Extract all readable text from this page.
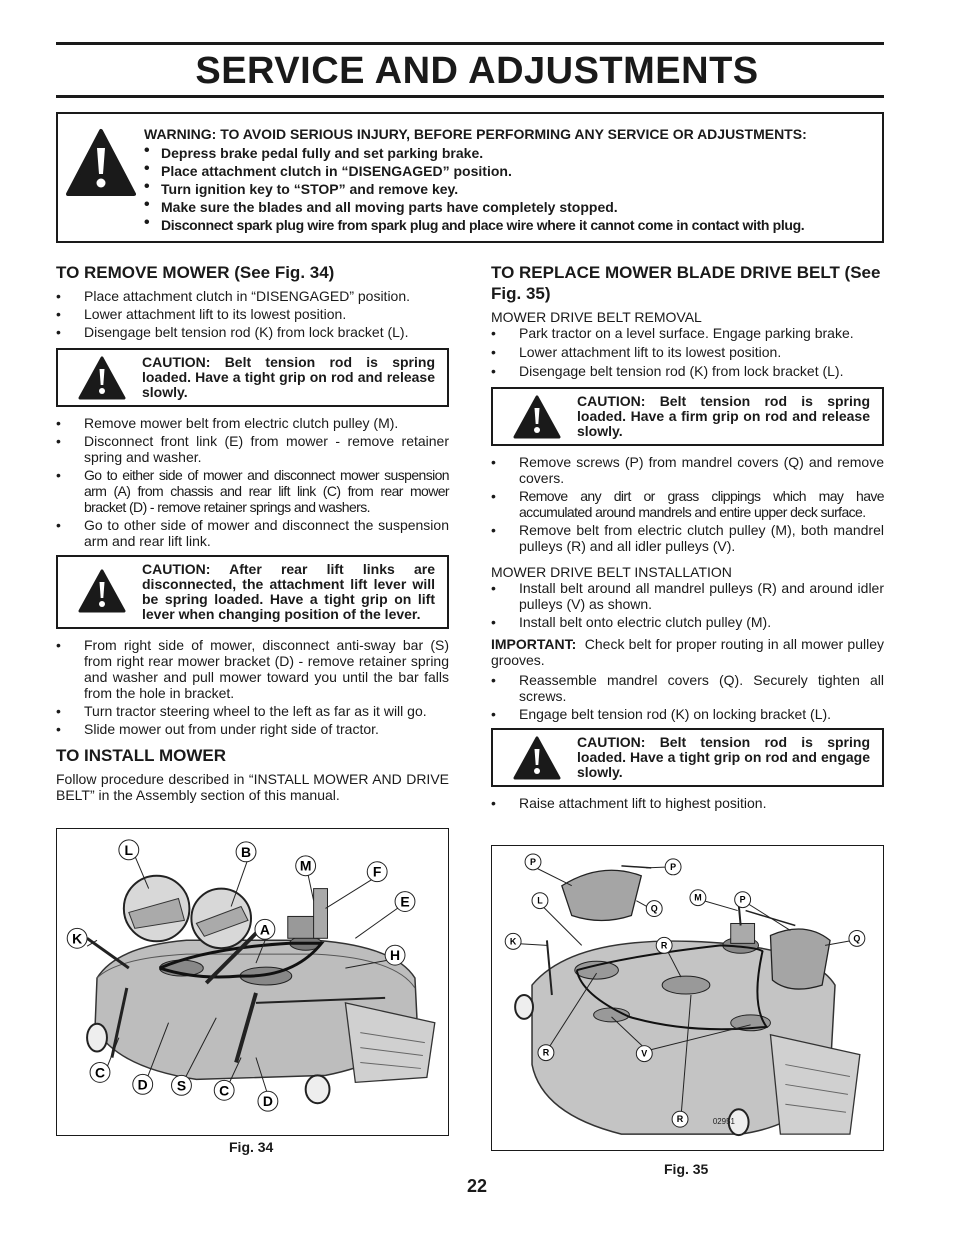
SERVICE AND ADJUSTMENTS
WARNING: TO AVOID SERIOUS INJURY, BEFORE PERFORMING ANY SERVICE OR ADJUSTMENTS:
• Depress brake pedal fully and set parking brake.
• Place attachment clutch in “DISENGAGED” position.
• Turn ignition key to “STOP” and remove key.
• Make sure the blades and all moving parts have completely stopped.
• Disconnect spark plug wire from spark plug and place wire where it cannot come in contact with plug.
TO REMOVE MOWER (See Fig. 34)
• Place attachment clutch in “DISENGAGED” position.
• Lower attachment lift to its lowest position.
• Disengage belt tension rod (K) from lock bracket (L).

CAUTION: Belt tension rod is spring loaded. Have a tight grip on rod and release slowly.

• Remove mower belt from electric clutch pulley (M).
• Disconnect front link (E) from mower - remove retainer spring and washer.
• Go to either side of mower and disconnect mower suspension arm (A) from chassis and rear lift link (C) from rear mower bracket (D) - remove retainer springs and washers.
• Go to other side of mower and disconnect the suspension arm and rear lift link.

CAUTION: After rear lift links are disconnected, the attachment lift lever will be spring loaded. Have a tight grip on lift lever when changing position of the lever.

• From right side of mower, disconnect anti-sway bar (S) from right rear mower bracket (D) - remove retainer spring and washer and pull mower toward you until the bar falls from the hole in bracket.
• Turn tractor steering wheel to the left as far as it will go.
• Slide mower out from under right side of tractor.
TO INSTALL MOWER

Follow procedure described in “INSTALL MOWER AND DRIVE BELT” in the Assembly section of this manual.

TO REPLACE MOWER BLADE DRIVE BELT (See Fig. 35)
MOWER DRIVE BELT REMOVAL
• Park tractor on a level surface. Engage parking brake.
• Lower attachment lift to its lowest position.
• Disengage belt tension rod (K) from lock bracket (L).

CAUTION: Belt tension rod is spring loaded. Have a firm grip on rod and release slowly.

• Remove screws (P) from mandrel covers (Q) and remove covers.
• Remove any dirt or grass clippings which may have accumulated around mandrels and entire upper deck surface.
• Remove belt from electric clutch pulley (M), both mandrel pulleys (R) and all idler pulleys (V).
MOWER DRIVE BELT INSTALLATION
• Install belt around all mandrel pulleys (R) and around idler pulleys (V) as shown.
• Install belt onto electric clutch pulley (M).

IMPORTANT: Check belt for proper routing in all mower pulley grooves.

• Reassemble mandrel covers (Q). Securely tighten all screws.
• Engage belt tension rod (K) on locking bracket (L).

CAUTION: Belt tension rod is spring loaded. Have a tight grip on rod and engage slowly.

• Raise attachment lift to highest position.
L	B
M	F
E
K
A
H
C
D S C
D
Fig. 34
P	P
L
Q
M	P
K	R
Q
R	V
R	02951
Fig. 35
22
